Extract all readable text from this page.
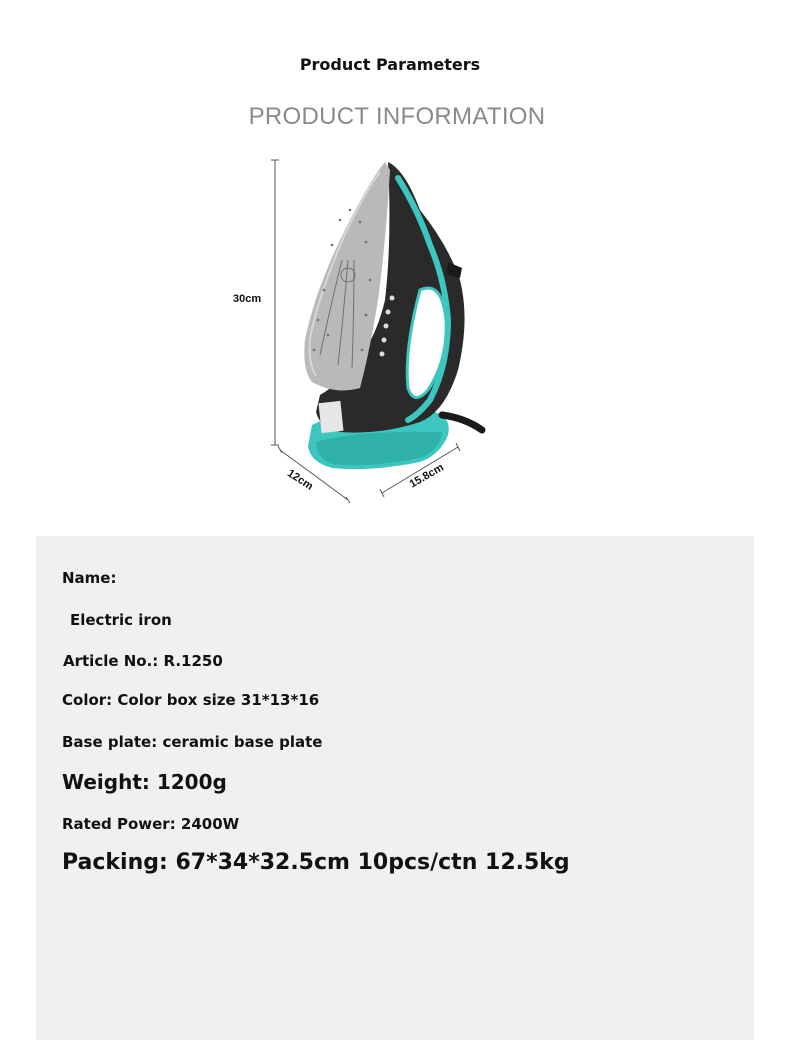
Product Parameters
PRODUCT INFORMATION
30cm
12cm	15.8cm
Name:
Electric iron
Article No.: R.1250
Color: Color box size 31*13*16
Base plate: ceramic base plate
Weight: 1200g
Rated Power: 2400W
Packing: 67*34*32.5cm 10pcs/ctn 12.5kg
